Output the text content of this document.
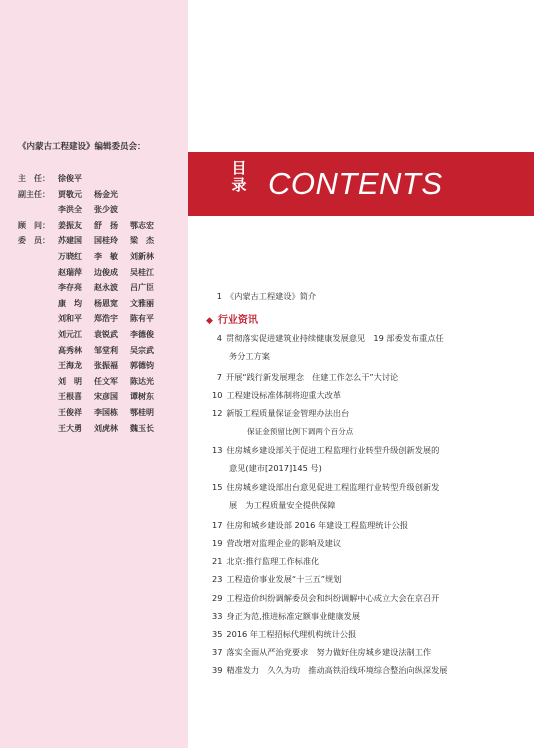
《内蒙古工程建设》编辑委员会：
主　任：	徐俊平
副主任：	贾敬元 杨金光
李洪全 张少波
顾　问：	姜振友 舒　扬 鄂志宏
委　员：	苏建国 国桂玲 梁　杰
万晓红 李　敏 刘新林
赵瑞萍 边俊成 吴桂江
李存亮 赵永波 吕广臣
康　均 杨恩宽 文雅丽
刘和平 郑浩宇 陈有平
刘元江 袁锐武 李德俊
高秀林 邹堂利 吴宗武
王海龙 张振福 郭德钧
刘　明 任文军 陈达光
王根喜 宋彦国 谭树东
王俊祥 李国栋 鄂桂明
王大勇 刘虎林 魏玉长
目
录 CONTENTS
1 《内蒙古工程建设》简介
◆ 行业资讯
4 贯彻落实促进建筑业持续健康发展意见　19 部委发布重点任
务分工方案
7 开展“践行新发展理念　住建工作怎么干”大讨论
10 工程建设标准体制将迎重大改革
12 新版工程质量保证金管理办法出台
保证金预留比例下调两个百分点
13 住房城乡建设部关于促进工程监理行业转型升级创新发展的
意见(建市[2017]145 号)
15 住房城乡建设部出台意见促进工程监理行业转型升级创新发
展　为工程质量安全提供保障
17 住房和城乡建设部 2016 年建设工程监理统计公报
19 营改增对监理企业的影响及建议
21 北京:推行监理工作标准化
23 工程造价事业发展“十三五”规划
29 工程造价纠纷调解委员会和纠纷调解中心成立大会在京召开
33 身正为范,推进标准定额事业健康发展
35 2016 年工程招标代理机构统计公报
37 落实全面从严治党要求　努力做好住房城乡建设法制工作
39 精准发力　久久为功　推动高铁沿线环境综合整治向纵深发展
